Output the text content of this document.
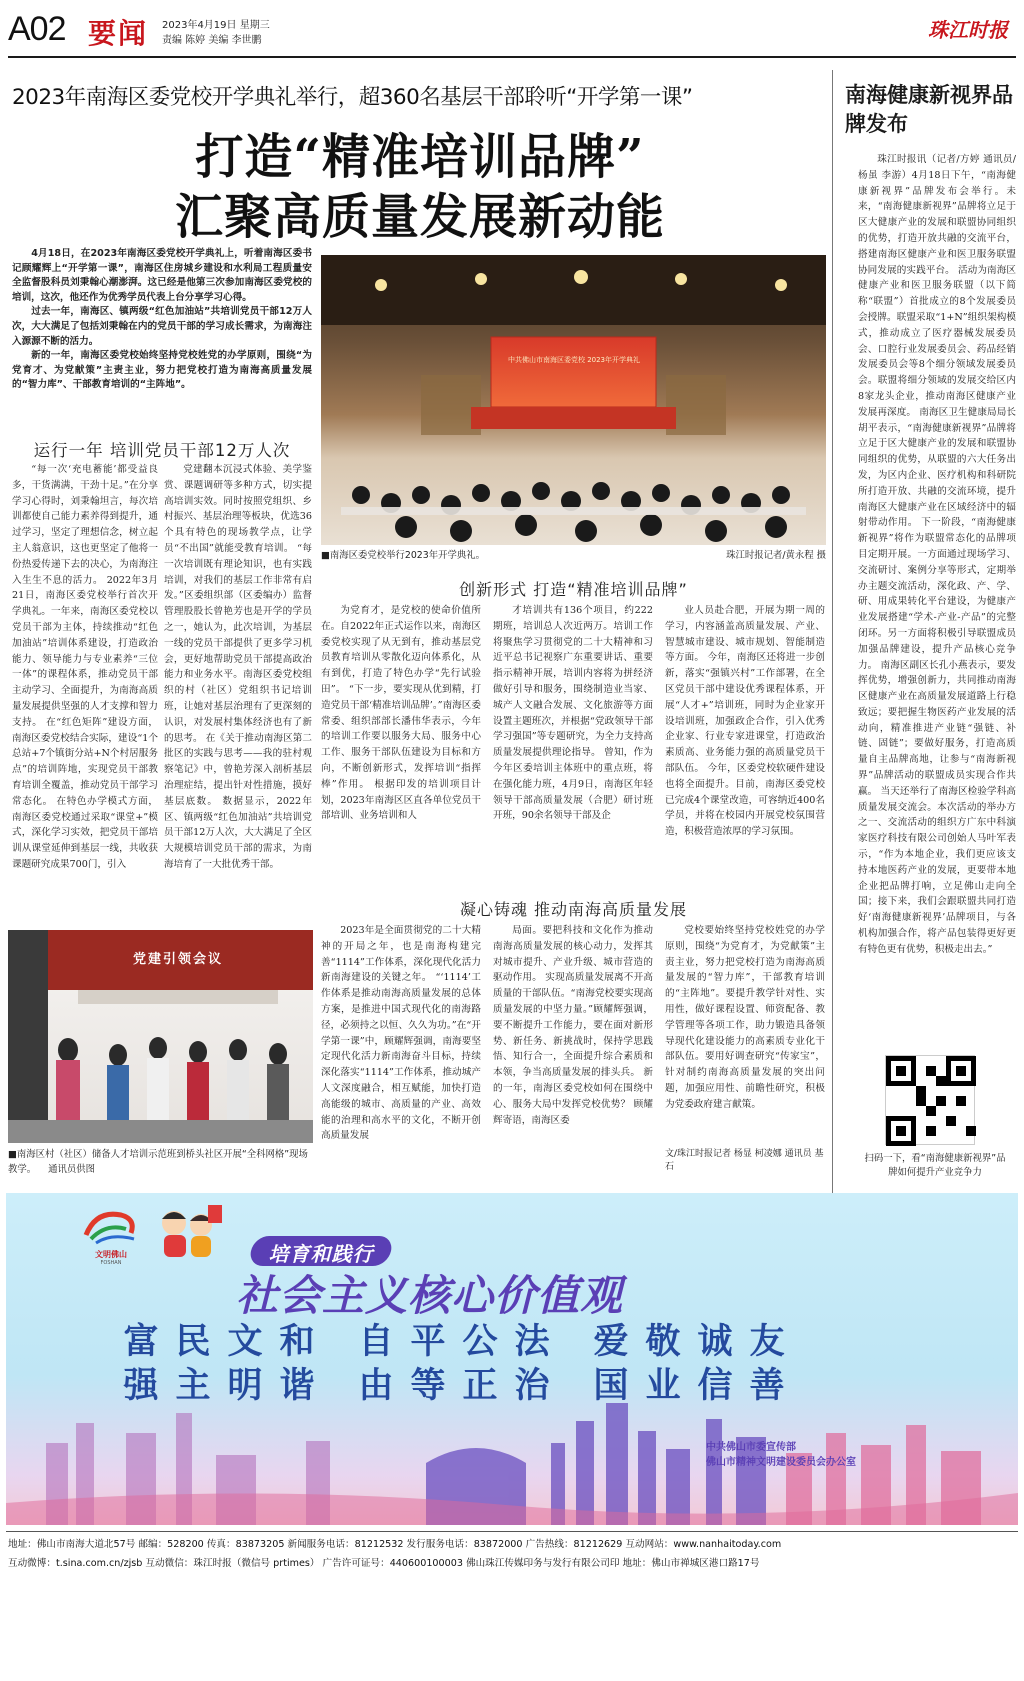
A02 要闻 2023年4月19日 星期三
责编 陈婷 美编 李世鹏	珠江时报
2023年南海区委党校开学典礼举行，超360名基层干部聆听“开学第一课”
打造“精准培训品牌”
汇聚高质量发展新动能

4月18日，在2023年南海区委党校开学典礼上，听着南海区委书记顾耀辉上“开学第一课”，南海区住房城乡建设和水利局工程质量安全监督股科员刘秉翰心潮澎湃。这已经是他第三次参加南海区委党校的培训，这次，他还作为优秀学员代表上台分享学习心得。

过去一年，南海区、镇两级“红色加油站”共培训党员干部12万人次，大大满足了包括刘秉翰在内的党员干部的学习成长需求，为南海注入源源不断的活力。

新的一年，南海区委党校始终坚持党校姓党的办学原则，围绕“为党育才、为党献策”主责主业，努力把党校打造为南海高质量发展的“智力库”、干部教育培训的“主阵地”。

中共佛山市南海区委党校 2023年开学典礼
■南海区委党校举行2023年开学典礼。	珠江时报记者/黄永程 摄
运行一年 培训党员干部12万人次

“每一次‘充电蓄能’都受益良多，干货满满，干劲十足。”在分享学习心得时，刘秉翰坦言，每次培训都使自己能力素养得到提升，通过学习，坚定了理想信念，树立起主人翁意识，这也更坚定了他将一份热爱传递下去的决心，为南海注入生生不息的活力。 2022年3月21日，南海区委党校举行首次开学典礼。一年来，南海区委党校以党员干部为主体，持续推动“红色加油站”培训体系建设，打造政治能力、领导能力与专业素养“三位一体”的课程体系，推动党员干部主动学习、全面提升，为南海高质量发展提供坚强的人才支撑和智力支持。 在“红色矩阵”建设方面，南海区委党校结合实际，建设“1个总站+7个镇街分站+N个村居服务点”的培训阵地，实现党员干部教育培训全覆盖，推动党员干部学习常态化。 在特色办学模式方面，南海区委党校通过采取“课堂+”模式，深化学习实效，把党员干部培训从课堂延伸到基层一线，共收获课题研究成果700门，引入

党建翻本沉浸式体验、美学鉴赏、课题调研等多种方式，切实提高培训实效。同时按照党组织、乡村振兴、基层治理等板块，优选36个具有特色的现场教学点，让学员“不出国”就能受教育培训。 “每一次培训既有理论知识，也有实践培训，对我们的基层工作非常有启发。”区委组织部（区委编办）监督管理股股长曾艳芳也是开学的学员之一，她认为，此次培训，为基层一线的党员干部提供了更多学习机会，更好地帮助党员干部提高政治能力和业务水平。南海区委党校组织的村（社区）党组织书记培训班，让她对基层治理有了更深刻的认识，对发展村集体经济也有了新的思考。 在《关于推动南海区第二批区的实践与思考——我的驻村观察笔记》中，曾艳芳深入剖析基层治理症结，提出针对性措施，摸好基层底数。 数据显示，2022年区、镇两级“红色加油站”共培训党员干部12万人次，大大满足了全区大规模培训党员干部的需求，为南海培育了一大批优秀干部。

创新形式 打造“精准培训品牌”

为党育才，是党校的使命价值所在。自2022年正式运作以来，南海区委党校实现了从无到有，推动基层党员教育培训从零散化迈向体系化，从有到优，打造了特色办学“先行试验田”。 “下一步，要实现从优到精，打造党员干部‘精准培训品牌’。”南海区委常委、组织部部长潘伟华表示，今年的培训工作要以服务大局、服务中心工作、服务干部队伍建设为目标和方向，不断创新形式，发挥培训“指挥棒”作用。 根据印发的培训项目计划，2023年南海区区直各单位党员干部培训、业务培训和人

才培训共有136个项目，约222期班，培训总人次近两万。培训工作将聚焦学习贯彻党的二十大精神和习近平总书记视察广东重要讲话、重要指示精神开展，培训内容将为拼经济做好引导和服务，围绕制造业当家、城产人文融合发展、文化旅游等方面设置主题班次，并根据“党政领导干部学习强国”等专题研究，为全力支持高质量发展提供理论指导。 曾知，作为今年区委培训主体班中的重点班，将在强化能力班，4月9日，南海区年轻领导干部高质量发展（合肥）研讨班开班，90余名领导干部及企

业人员赴合肥，开展为期一周的学习，内容涵盖高质量发展、产业、智慧城市建设、城市规划、智能制造等方面。 今年，南海区还将进一步创新，落实“强镇兴村”工作部署，在全区党员干部中建设优秀课程体系，开展“人才+”培训班，同时为企业家开设培训班，加强政企合作，引入优秀企业家、行业专家进课堂，打造政治素质高、业务能力强的高质量党员干部队伍。 今年，区委党校软硬件建设也将全面提升。目前，南海区委党校已完成4个课堂改造，可容纳近400名学员，并将在校园内开展党校氛围营造，积极营造浓厚的学习氛围。

党建引领会议
■南海区村（社区）储备人才培训示范班到桥头社区开展“全科网格”现场教学。 通讯员供图
凝心铸魂 推动南海高质量发展

2023年是全面贯彻党的二十大精神的开局之年，也是南海构建完善“1114”工作体系，深化现代化活力新南海建设的关键之年。 “‘1114’工作体系是推动南海高质量发展的总体方案，是推进中国式现代化的南海路径，必须持之以恒、久久为功。”在“开学第一课”中，顾耀辉强调，南海要坚定现代化活力新南海奋斗目标，持续深化落实“1114”工作体系，推动城产人文深度融合，相互赋能，加快打造高能级的城市、高质量的产业、高效能的治理和高水平的文化，不断开创高质量发展

局面。要把科技和文化作为推动南海高质量发展的核心动力，发挥其对城市提升、产业升级、城市营造的驱动作用。 实现高质量发展离不开高质量的干部队伍。“南海党校要实现高质量发展的中坚力量。”顾耀辉强调，要不断提升工作能力，要在面对新形势、新任务、新挑战时，保持学思践悟、知行合一，全面提升综合素质和本领，争当高质量发展的排头兵。 新的一年，南海区委党校如何在围绕中心、服务大局中发挥党校优势？ 顾耀辉寄语，南海区委

党校要始终坚持党校姓党的办学原则，围绕“为党育才，为党献策”主责主业，努力把党校打造为南海高质量发展的“智力库”，干部教育培训的“主阵地”。要提升教学针对性、实用性，做好课程设置、师资配备、教学管理等各项工作，助力锻造具备领导现代化建设能力的高素质专业化干部队伍。要用好调查研究“传家宝”，针对制约南海高质量发展的突出问题，加强应用性、前瞻性研究，积极为党委政府建言献策。

文/珠江时报记者 杨显 柯凌娜 通讯员 基石
南海健康新视界品牌发布

珠江时报讯（记者/方婷 通讯员/杨虽 李游）4月18日下午，“南海健康新视界”品牌发布会举行。未来，“南海健康新视界”品牌将立足于区大健康产业的发展和联盟协同组织的优势，打造开放共融的交流平台，搭建南海区健康产业和医卫服务联盟协同发展的实践平台。 活动为南海区健康产业和医卫服务联盟（以下简称“联盟”）首批成立的8个发展委员会授牌。联盟采取“1+N”组织架构模式，推动成立了医疗器械发展委员会、口腔行业发展委员会、药品经销发展委员会等8个细分领域发展委员会。联盟将细分领域的发展交给区内8家龙头企业，推动南海区健康产业发展再深度。 南海区卫生健康局局长胡平表示，“南海健康新视界”品牌将立足于区大健康产业的发展和联盟协同组织的优势，从联盟的六大任务出发，为区内企业、医疗机构和科研院所打造开放、共融的交流环境，提升南海区大健康产业在区域经济中的辐射带动作用。 下一阶段，“南海健康新视界”将作为联盟常态化的品牌项目定期开展。一方面通过现场学习、交流研讨、案例分享等形式，定期举办主题交流活动，深化政、产、学、研、用成果转化平台建设，为健康产业发展搭建“学术-产业-产品”的完整闭环。另一方面将积极引导联盟成员加强品牌建设，提升产品核心竞争力。 南海区副区长孔小燕表示，要发挥优势，增强创新力，共同推动南海区健康产业在高质量发展道路上行稳致远；要把握生物医药产业发展的活动向，精准推进产业链“强链、补链、固链”；要做好服务，打造高质量自主品牌高地，让参与“南海新视界”品牌活动的联盟成员实现合作共赢。 当天还举行了南海区检验学科高质量发展交流会。本次活动的举办方之一、交流活动的组织方广东中科演家医疗科技有限公司创始人马叶军表示，“作为本地企业，我们更应该支持本地医药产业的发展，更要带本地企业把品牌打响，立足佛山走向全国；接下来，我们会跟联盟共同打造好‘南海健康新视界’品牌项目，与各机构加强合作，将产品包装得更好更有特色更有优势，积极走出去。”

扫码一下，看“南海健康新视界”品牌如何提升产业竞争力
文明佛山
FOSHAN	培育和践行
社会主义核心价值观
富 民 文 和 自 平 公 法 爱 敬 诚 友
强 主 明 谐 由 等 正 治 国 业 信 善
中共佛山市委宣传部
佛山市精神文明建设委员会办公室
地址：佛山市南海大道北57号 邮编：528200 传真：83873205 新闻服务电话：81212532 发行服务电话：83872000 广告热线：81212629 互动网站：www.nanhaitoday.com
互动微博：t.sina.com.cn/zjsb 互动微信：珠江时报（微信号 prtimes） 广告许可证号：440600100003 佛山珠江传媒印务与发行有限公司印 地址：佛山市禅城区港口路17号
